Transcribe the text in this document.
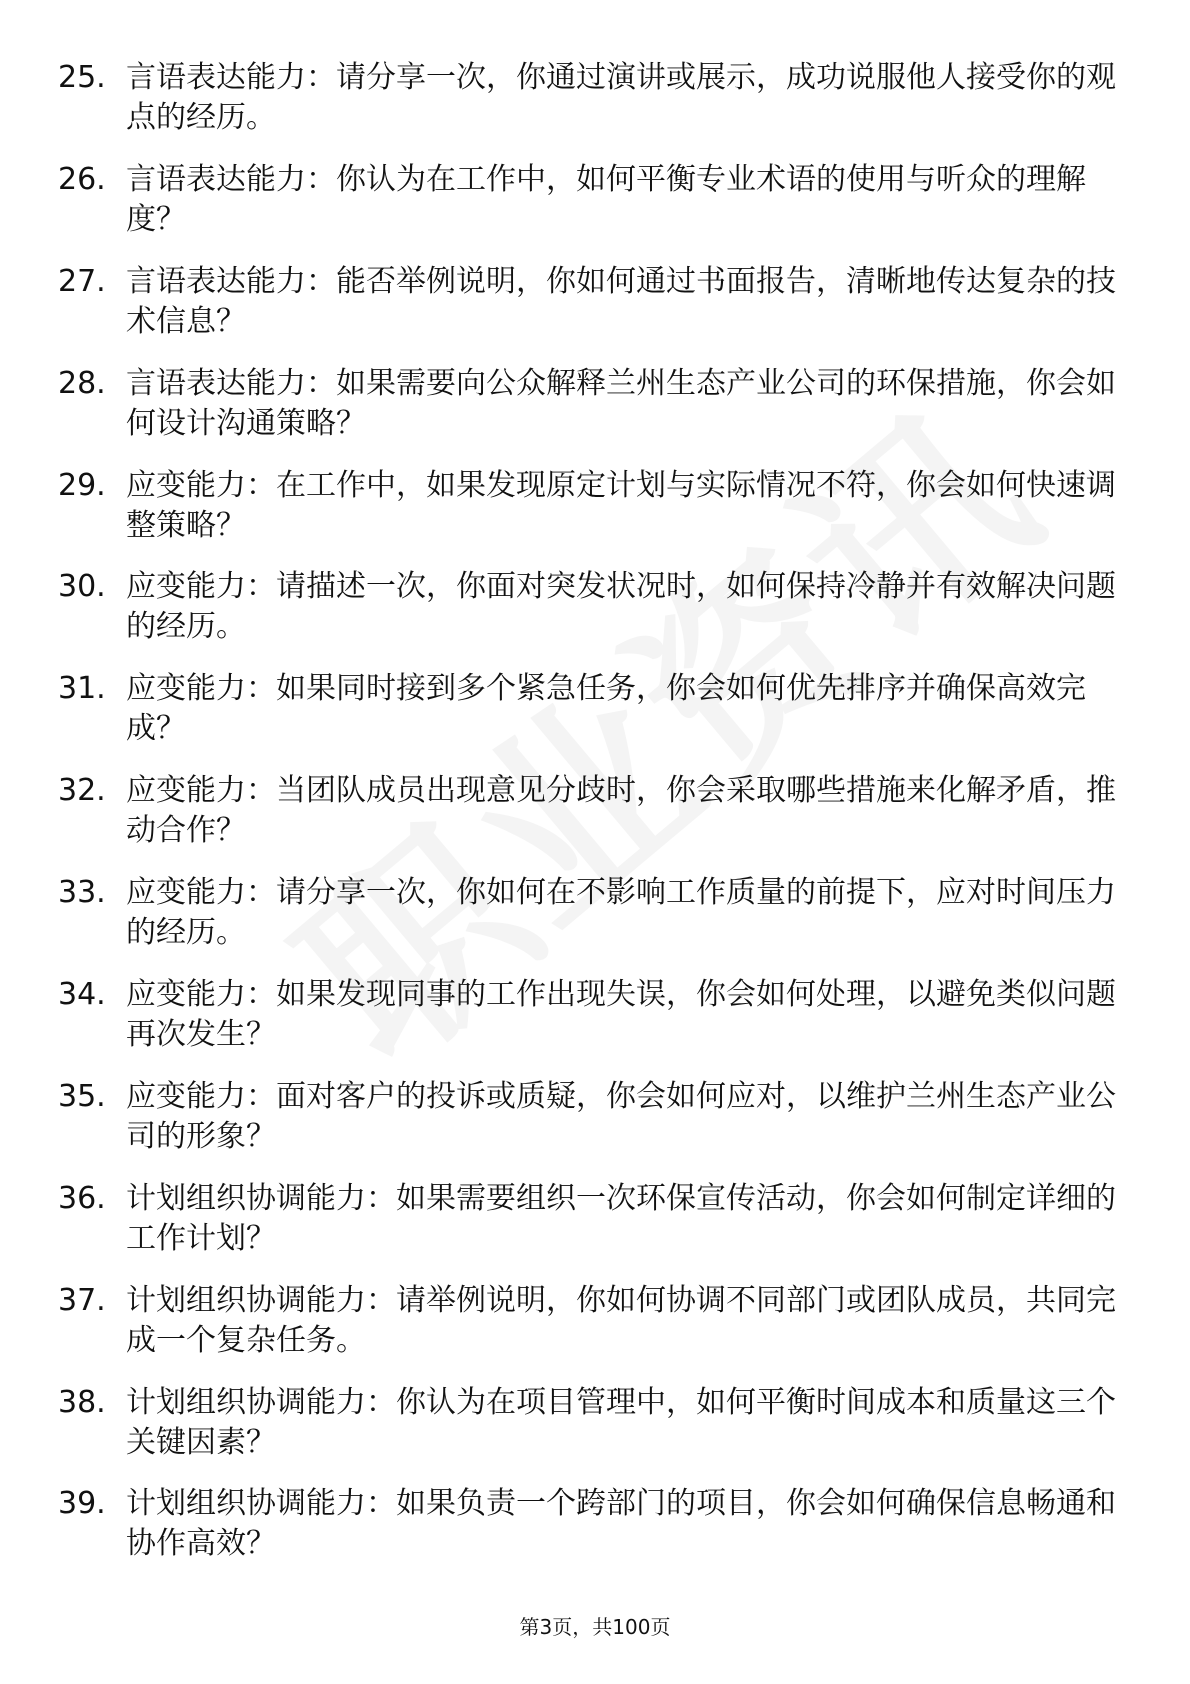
25. 言语表达能力：请分享一次，你通过演讲或展示，成功说服他人接受你的观点的经历。
26. 言语表达能力：你认为在工作中，如何平衡专业术语的使用与听众的理解度？
27. 言语表达能力：能否举例说明，你如何通过书面报告，清晰地传达复杂的技术信息？
28. 言语表达能力：如果需要向公众解释兰州生态产业公司的环保措施，你会如何设计沟通策略？
29. 应变能力：在工作中，如果发现原定计划与实际情况不符，你会如何快速调整策略？
30. 应变能力：请描述一次，你面对突发状况时，如何保持冷静并有效解决问题的经历。
31. 应变能力：如果同时接到多个紧急任务，你会如何优先排序并确保高效完成？
32. 应变能力：当团队成员出现意见分歧时，你会采取哪些措施来化解矛盾，推动合作？
33. 应变能力：请分享一次，你如何在不影响工作质量的前提下，应对时间压力的经历。
34. 应变能力：如果发现同事的工作出现失误，你会如何处理，以避免类似问题再次发生？
35. 应变能力：面对客户的投诉或质疑，你会如何应对，以维护兰州生态产业公司的形象？
36. 计划组织协调能力：如果需要组织一次环保宣传活动，你会如何制定详细的工作计划？
37. 计划组织协调能力：请举例说明，你如何协调不同部门或团队成员，共同完成一个复杂任务。
38. 计划组织协调能力：你认为在项目管理中，如何平衡时间成本和质量这三个关键因素？
39. 计划组织协调能力：如果负责一个跨部门的项目，你会如何确保信息畅通和协作高效？
第3页，共100页
